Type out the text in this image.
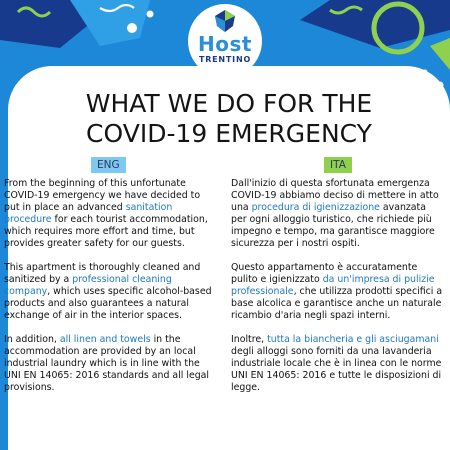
Host
TRENTINO
WHAT WE DO FOR THE
COVID-19 EMERGENCY
ENG	ITA

From the beginning of this unfortunate COVID-19 emergency we have decided to put in place an advanced sanitation procedure for each tourist accommodation, which requires more effort and time, but provides greater safety for our guests.

This apartment is thoroughly cleaned and sanitized by a professional cleaning company, which uses specific alcohol-based products and also guarantees a natural exchange of air in the interior spaces.

In addition, all linen and towels in the accommodation are provided by an local industrial laundry which is in line with the UNI EN 14065: 2016 standards and all legal provisions.

Dall'inizio di questa sfortunata emergenza COVID-19 abbiamo deciso di mettere in atto una procedura di igienizzazione avanzata per ogni alloggio turistico, che richiede più impegno e tempo, ma garantisce maggiore sicurezza per i nostri ospiti.

Questo appartamento è accuratamente pulito e igienizzato da un'impresa di pulizie professionale, che utilizza prodotti specifici a base alcolica e garantisce anche un naturale ricambio d'aria negli spazi interni.

Inoltre, tutta la biancheria e gli asciugamani degli alloggi sono forniti da una lavanderia industriale locale che è in linea con le norme UNI EN 14065: 2016 e tutte le disposizioni di legge.
